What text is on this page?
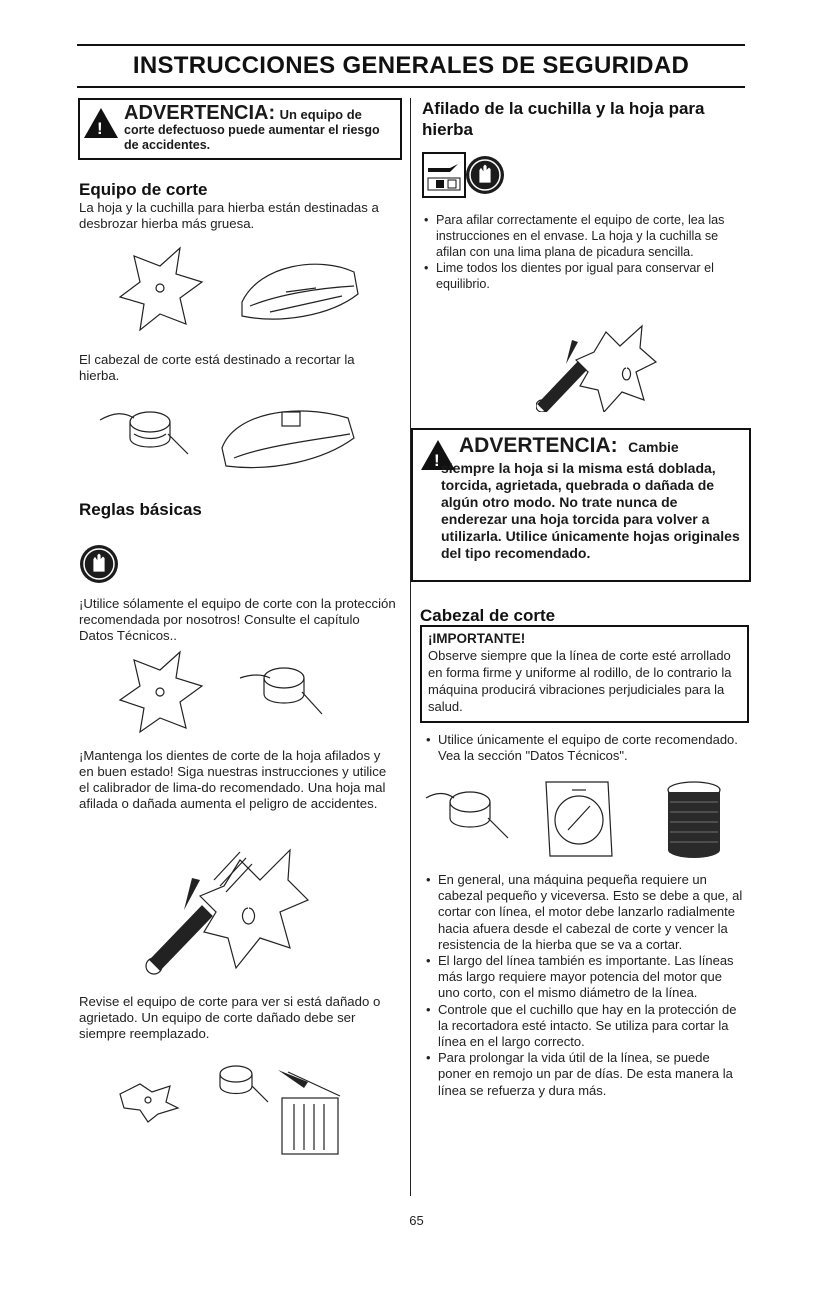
INSTRUCCIONES GENERALES DE SEGURIDAD
!
ADVERTENCIA: Un equipo de
corte defectuoso puede aumentar el riesgo de accidentes.
Equipo de corte
La hoja y la cuchilla para hierba están destinadas a desbrozar hierba más gruesa.
El cabezal de corte está destinado a recortar la hierba.
Reglas básicas
¡Utilice sólamente el equipo de corte con la protección recomendada por nosotros! Consulte el capítulo Datos Técnicos..
¡Mantenga los dientes de corte de la hoja afilados y en buen estado! Siga nuestras instrucciones y utilice el calibrador de lima-do recomendado. Una hoja mal afilada o dañada aumenta el peligro de accidentes.
Revise el equipo de corte para ver si está dañado o agrietado. Un equipo de corte dañado debe ser siempre reemplazado.
Afilado de la cuchilla y la hoja para hierba
• Para afilar correctamente el equipo de corte, lea las instrucciones en el envase. La hoja y la cuchilla se afilan con una lima plana de picadura sencilla.
• Lime todos los dientes por igual para conservar el equilibrio.
!
ADVERTENCIA: Cambie
siempre la hoja si la misma está doblada, torcida, agrietada, quebrada o dañada de algún otro modo. No trate nunca de enderezar una hoja torcida para volver a utilizarla. Utilice únicamente hojas originales del tipo recomendado.
Cabezal de corte
¡IMPORTANTE!
Observe siempre que la línea de corte esté arrollado en forma firme y uniforme al rodillo, de lo contrario la máquina producirá vibraciones perjudiciales para la salud.
• Utilice únicamente el equipo de corte recomendado. Vea la sección "Datos Técnicos".
• En general, una máquina pequeña requiere un cabezal pequeño y viceversa. Esto se debe a que, al cortar con línea, el motor debe lanzarlo radialmente hacia afuera desde el cabezal de corte y vencer la resistencia de la hierba que se va a cortar.
• El largo del línea también es importante. Las líneas más largo requiere mayor potencia del motor que uno corto, con el mismo diámetro de la línea.
• Controle que el cuchillo que hay en la protección de la recortadora esté intacto. Se utiliza para cortar la línea en el largo correcto.
• Para prolongar la vida útil de la línea, se puede poner en remojo un par de días. De esta manera la línea se refuerza y dura más.
65
